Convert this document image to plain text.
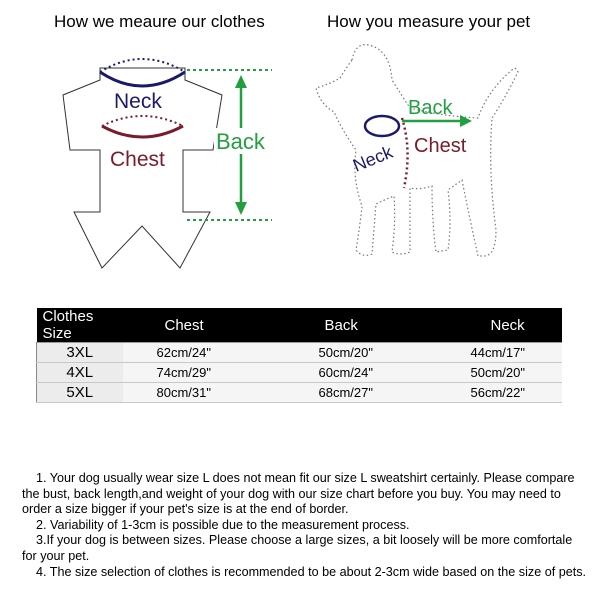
How we meaure our clothes	How you measure your pet
Neck
Chest
Back
Back
Chest
Neck
Clothes Size	Chest	Back	Neck
3XL	62cm/24"	50cm/20"	44cm/17"
4XL	74cm/29"	60cm/24"	50cm/20"
5XL	80cm/31"	68cm/27"	56cm/22"
1. Your dog usually wear size L does not mean fit our size L sweatshirt certainly. Please compare the bust, back length,and weight of your dog with our size chart before you buy. You may need to order a size bigger if your pet's size is at the end of border.
2. Variability of 1-3cm is possible due to the measurement process.
3.If your dog is between sizes. Please choose a large sizes, a bit loosely will be more comfortale for your pet.
4. The size selection of clothes is recommended to be about 2-3cm wide based on the size of pets.
